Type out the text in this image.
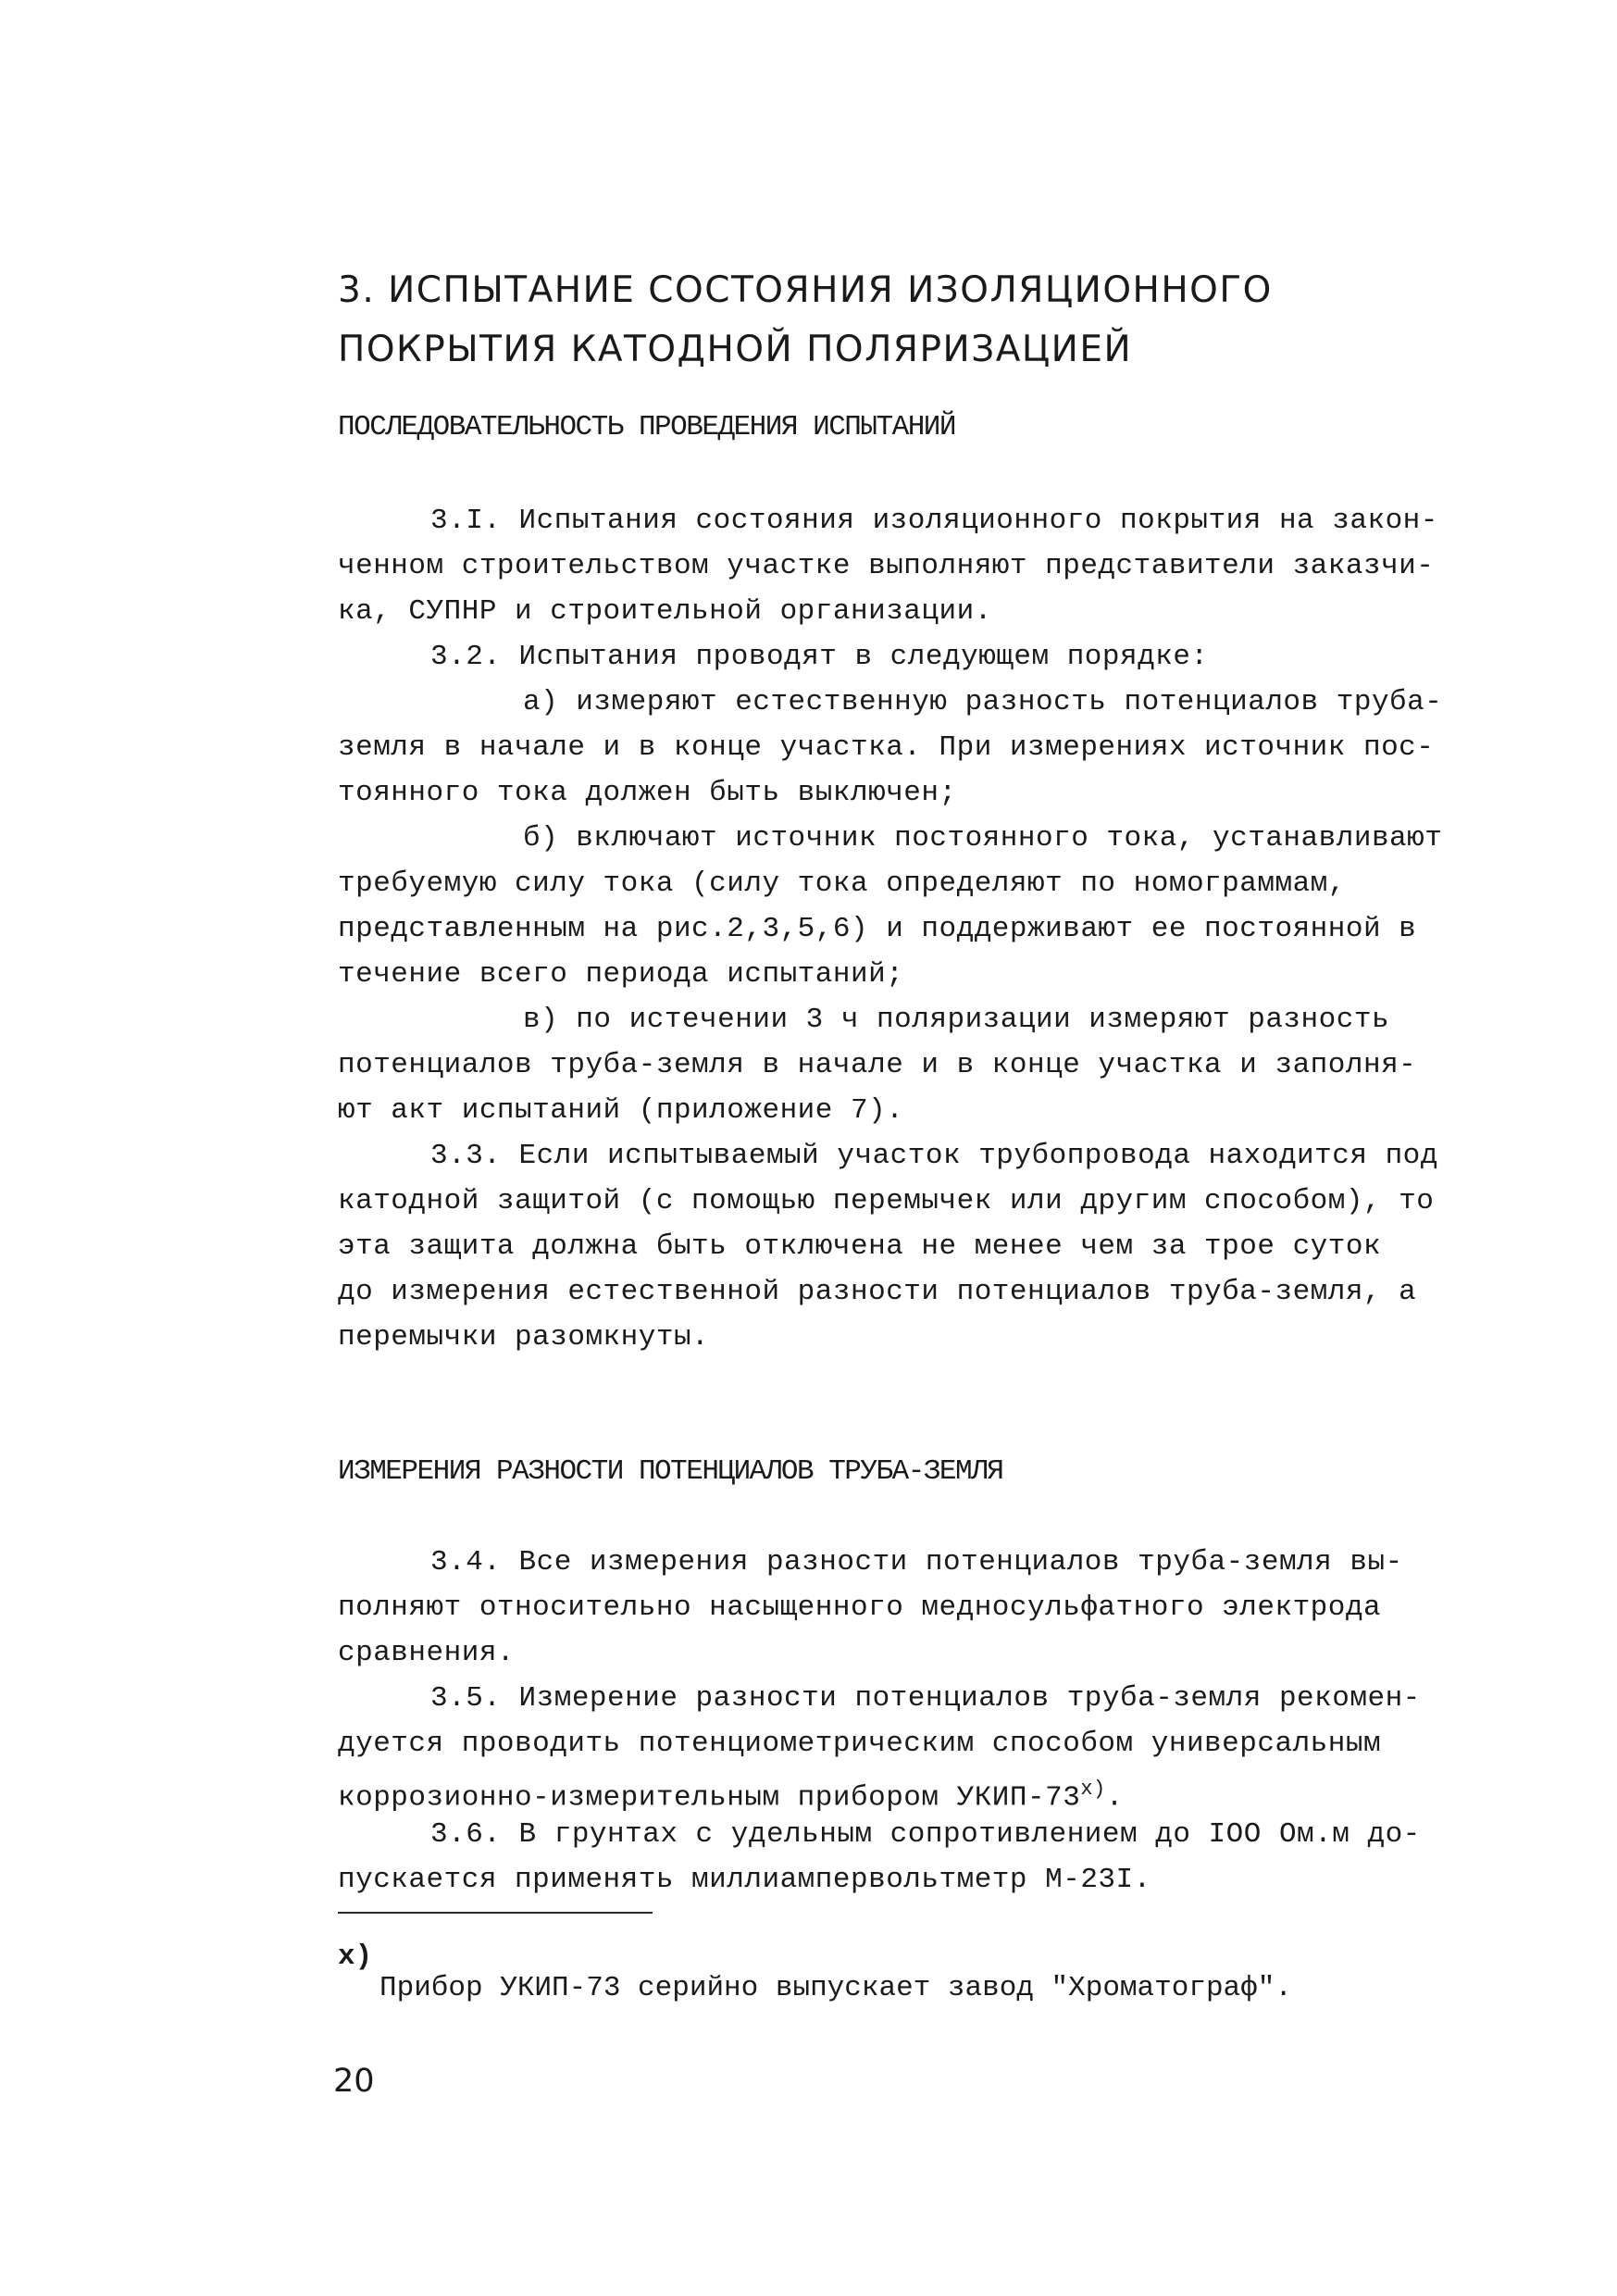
3. ИСПЫТАНИЕ СОСТОЯНИЯ ИЗОЛЯЦИОННОГО
ПОКРЫТИЯ КАТОДНОЙ ПОЛЯРИЗАЦИЕЙ
ПОСЛЕДОВАТЕЛЬНОСТЬ ПРОВЕДЕНИЯ ИСПЫТАНИЙ
3.I. Испытания состояния изоляционного покрытия на закон-
ченном строительством участке выполняют представители заказчи-
ка, СУПНР и строительной организации.
3.2. Испытания проводят в следующем порядке:
а) измеряют естественную разность потенциалов труба-
земля в начале и в конце участка. При измерениях источник пос-
тоянного тока должен быть выключен;
б) включают источник постоянного тока, устанавливают
требуемую силу тока (силу тока определяют по номограммам,
представленным на рис.2,3,5,6) и поддерживают ее постоянной в
течение всего периода испытаний;
в) по истечении 3 ч поляризации измеряют разность
потенциалов труба-земля в начале и в конце участка и заполня-
ют акт испытаний (приложение 7).
3.3. Если испытываемый участок трубопровода находится под
катодной защитой (с помощью перемычек или другим способом), то
эта защита должна быть отключена не менее чем за трое суток
до измерения естественной разности потенциалов труба-земля, а
перемычки разомкнуты.
ИЗМЕРЕНИЯ РАЗНОСТИ ПОТЕНЦИАЛОВ ТРУБА-ЗЕМЛЯ
3.4. Все измерения разности потенциалов труба-земля вы-
полняют относительно насыщенного медносульфатного электрода
сравнения.
3.5. Измерение разности потенциалов труба-земля рекомен-
дуется проводить потенциометрическим способом универсальным
коррозионно-измерительным прибором УКИП-$73^{х)}$.
3.6. В грунтах с удельным сопротивлением до IOO Ом.м до-
пускается применять миллиампервольтметр М-23I.
х)
Прибор УКИП-73 серийно выпускает завод "Хроматограф".
20
